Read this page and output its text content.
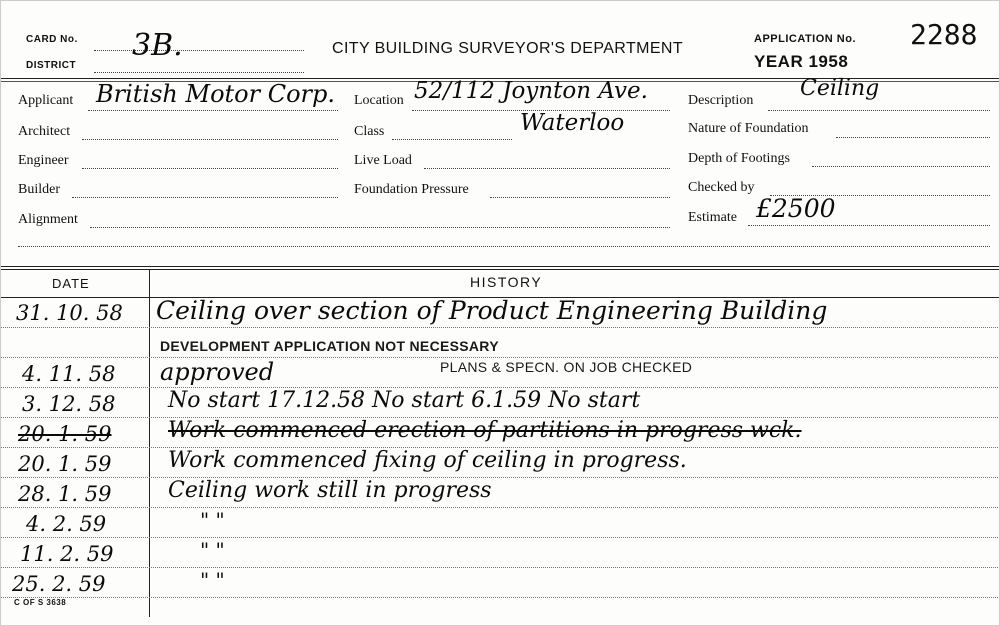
CARD No. 3B.
DISTRICT
CITY BUILDING SURVEYOR'S DEPARTMENT
APPLICATION No. 2288
YEAR 1958
Applicant British Motor Corp.
Architect
Engineer
Builder
Alignment
Location 52/112 Joynton Ave.
Waterloo
Class
Live Load
Foundation Pressure
Description Ceiling
Nature of Foundation
Depth of Footings
Checked by
Estimate £2500
DATE	HISTORY
31. 10. 58 Ceiling over section of Product Engineering Building
DEVELOPMENT APPLICATION NOT NECESSARY
4. 11. 58 approved	PLANS & SPECN. ON JOB CHECKED
3. 12. 58 No start 17.12.58 No start 6.1.59 No start
20. 1. 59	Work commenced erection of partitions in progress wck.
20. 1. 59	Work commenced fixing of ceiling in progress.
28. 1. 59	Ceiling work still in progress
4. 2. 59	" "
11. 2. 59	" "
25. 2. 59	" "
C OF S 3638
